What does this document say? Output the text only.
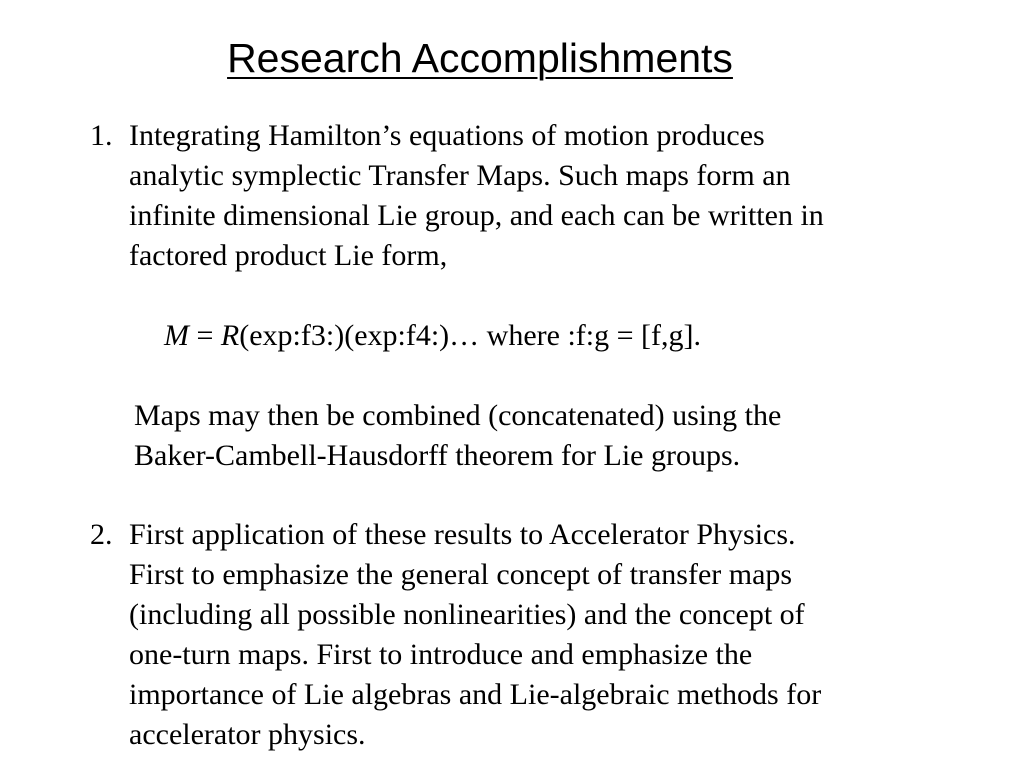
Research Accomplishments
1. Integrating Hamilton’s equations of motion produces
analytic symplectic Transfer Maps. Such maps form an
infinite dimensional Lie group, and each can be written in
factored product Lie form,
M = R(exp:f3:)(exp:f4:)… where :f:g = [f,g].
Maps may then be combined (concatenated) using the
Baker-Cambell-Hausdorff theorem for Lie groups.
2. First application of these results to Accelerator Physics.
First to emphasize the general concept of transfer maps
(including all possible nonlinearities) and the concept of
one-turn maps. First to introduce and emphasize the
importance of Lie algebras and Lie-algebraic methods for
accelerator physics.
